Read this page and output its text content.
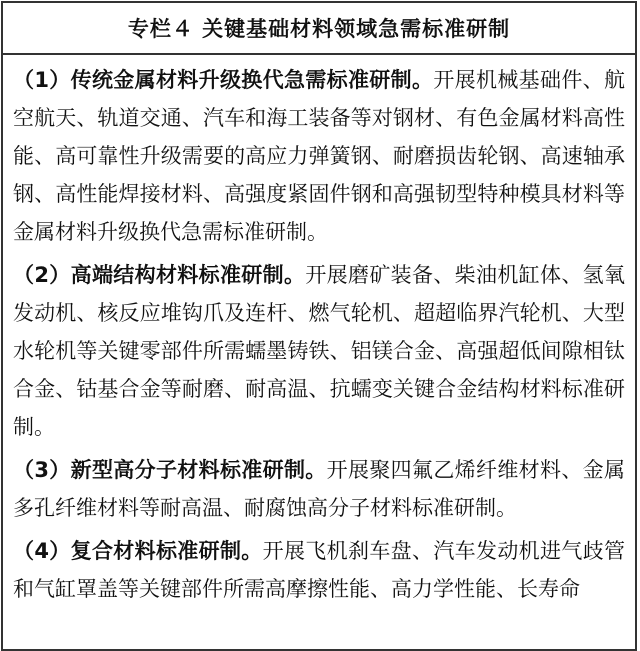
专栏４ 关键基础材料领域急需标准研制

（1）传统金属材料升级换代急需标准研制。开展机械基础件、航空航天、轨道交通、汽车和海工装备等对钢材、有色金属材料高性能、高可靠性升级需要的高应力弹簧钢、耐磨损齿轮钢、高速轴承钢、高性能焊接材料、高强度紧固件钢和高强韧型特种模具材料等金属材料升级换代急需标准研制。

（2）高端结构材料标准研制。开展磨矿装备、柴油机缸体、氢氧发动机、核反应堆钩爪及连杆、燃气轮机、超超临界汽轮机、大型水轮机等关键零部件所需蠕墨铸铁、铝镁合金、高强超低间隙相钛合金、钴基合金等耐磨、耐高温、抗蠕变关键合金结构材料标准研制。

（3）新型高分子材料标准研制。开展聚四氟乙烯纤维材料、金属多孔纤维材料等耐高温、耐腐蚀高分子材料标准研制。

（4）复合材料标准研制。开展飞机刹车盘、汽车发动机进气歧管和气缸罩盖等关键部件所需高摩擦性能、高力学性能、长寿命
